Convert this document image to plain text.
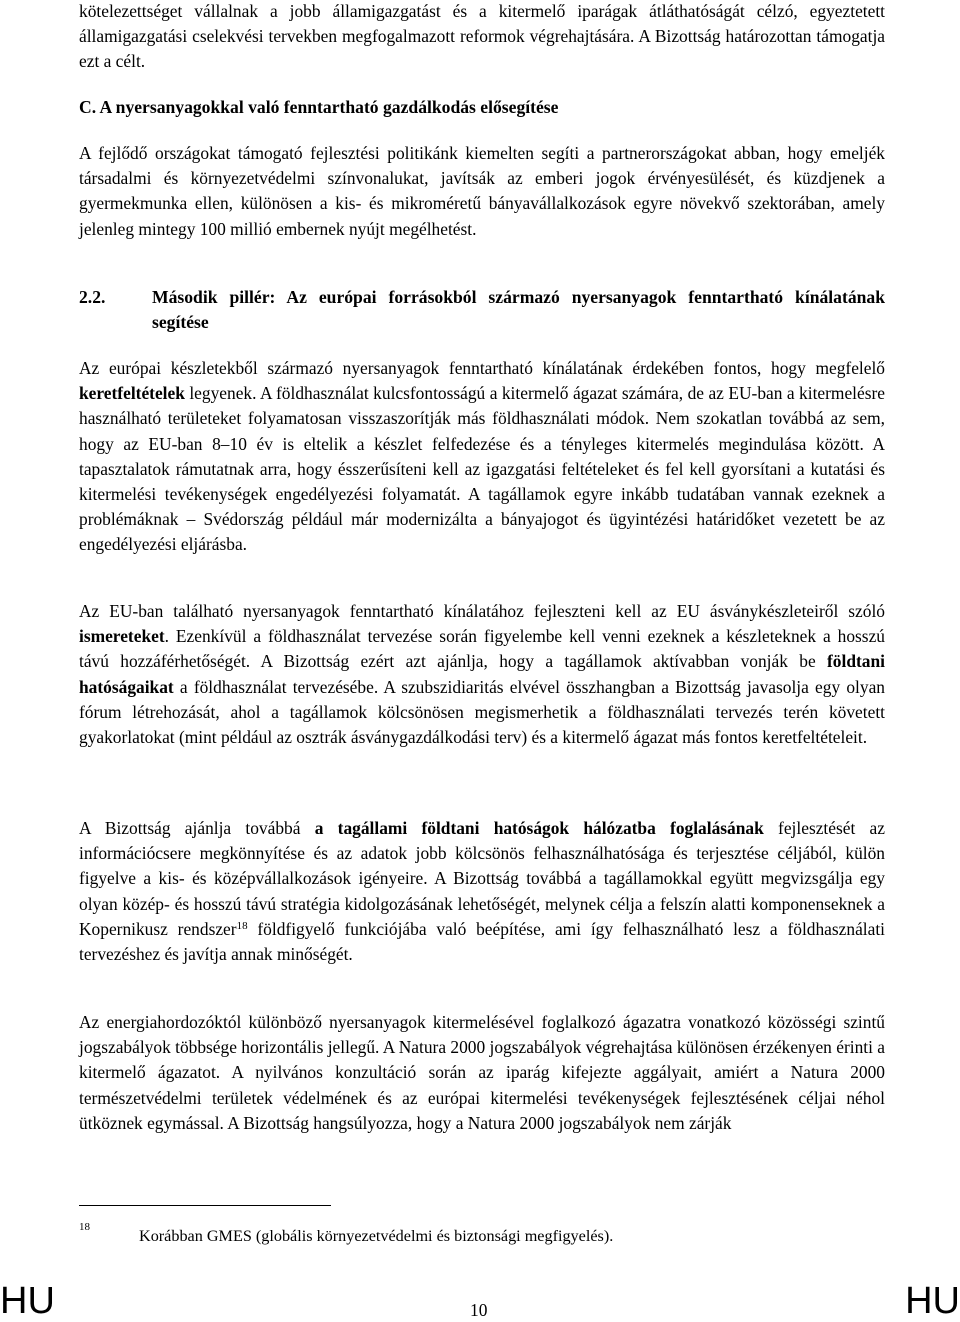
kötelezettséget vállalnak a jobb államigazgatást és a kitermelő iparágak átláthatóságát célzó, egyeztetett államigazgatási cselekvési tervekben megfogalmazott reformok végrehajtására. A Bizottság határozottan támogatja ezt a célt.

C. A nyersanyagokkal való fenntartható gazdálkodás elősegítése

A fejlődő országokat támogató fejlesztési politikánk kiemelten segíti a partnerországokat abban, hogy emeljék társadalmi és környezetvédelmi színvonalukat, javítsák az emberi jogok érvényesülését, és küzdjenek a gyermekmunka ellen, különösen a kis- és mikroméretű bányavállalkozások egyre növekvő szektorában, amely jelenleg mintegy 100 millió embernek nyújt megélhetést.

2.2.	Második pillér: Az európai forrásokból származó nyersanyagok fenntartható kínálatának segítése

Az európai készletekből származó nyersanyagok fenntartható kínálatának érdekében fontos, hogy megfelelő keretfeltételek legyenek. A földhasználat kulcsfontosságú a kitermelő ágazat számára, de az EU-ban a kitermelésre használható területeket folyamatosan visszaszorítják más földhasználati módok. Nem szokatlan továbbá az sem, hogy az EU-ban 8–10 év is eltelik a készlet felfedezése és a tényleges kitermelés megindulása között. A tapasztalatok rámutatnak arra, hogy ésszerűsíteni kell az igazgatási feltételeket és fel kell gyorsítani a kutatási és kitermelési tevékenységek engedélyezési folyamatát. A tagállamok egyre inkább tudatában vannak ezeknek a problémáknak – Svédország például már modernizálta a bányajogot és ügyintézési határidőket vezetett be az engedélyezési eljárásba.

Az EU-ban található nyersanyagok fenntartható kínálatához fejleszteni kell az EU ásványkészleteiről szóló ismereteket. Ezenkívül a földhasználat tervezése során figyelembe kell venni ezeknek a készleteknek a hosszú távú hozzáférhetőségét. A Bizottság ezért azt ajánlja, hogy a tagállamok aktívabban vonják be földtani hatóságaikat a földhasználat tervezésébe. A szubszidiaritás elvével összhangban a Bizottság javasolja egy olyan fórum létrehozását, ahol a tagállamok kölcsönösen megismerhetik a földhasználati tervezés terén követett gyakorlatokat (mint például az osztrák ásványgazdálkodási terv) és a kitermelő ágazat más fontos keretfeltételeit.

A Bizottság ajánlja továbbá a tagállami földtani hatóságok hálózatba foglalásának fejlesztését az információcsere megkönnyítése és az adatok jobb kölcsönös felhasználhatósága és terjesztése céljából, külön figyelve a kis- és középvállalkozások igényeire. A Bizottság továbbá a tagállamokkal együtt megvizsgálja egy olyan közép- és hosszú távú stratégia kidolgozásának lehetőségét, melynek célja a felszín alatti komponenseknek a Kopernikusz rendszer$^{18}$ földfigyelő funkciójába való beépítése, ami így felhasználható lesz a földhasználati tervezéshez és javítja annak minőségét.

Az energiahordozóktól különböző nyersanyagok kitermelésével foglalkozó ágazatra vonatkozó közösségi szintű jogszabályok többsége horizontális jellegű. A Natura 2000 jogszabályok végrehajtása különösen érzékenyen érinti a kitermelő ágazatot. A nyilvános konzultáció során az iparág kifejezte aggályait, amiért a Natura 2000 természetvédelmi területek védelmének és az európai kitermelési tevékenységek fejlesztésének céljai néhol ütköznek egymással. A Bizottság hangsúlyozza, hogy a Natura 2000 jogszabályok nem zárják

18	Korábban GMES (globális környezetvédelmi és biztonsági megfigyelés).
HU	10	HU
